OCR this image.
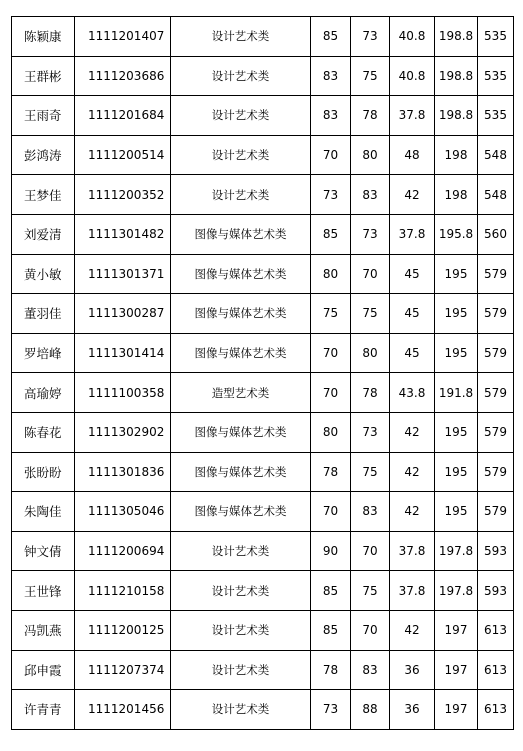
陈颖康	1111201407	设计艺术类	85	73	40.8	198.8	535
王群彬	1111203686	设计艺术类	83	75	40.8	198.8	535
王雨奇	1111201684	设计艺术类	83	78	37.8	198.8	535
彭鸿涛	1111200514	设计艺术类	70	80	48	198	548
王梦佳	1111200352	设计艺术类	73	83	42	198	548
刘爱清	1111301482	图像与媒体艺术类	85	73	37.8	195.8	560
黄小敏	1111301371	图像与媒体艺术类	80	70	45	195	579
董羽佳	1111300287	图像与媒体艺术类	75	75	45	195	579
罗培峰	1111301414	图像与媒体艺术类	70	80	45	195	579
高瑜婷	1111100358	造型艺术类	70	78	43.8	191.8	579
陈春花	1111302902	图像与媒体艺术类	80	73	42	195	579
张盼盼	1111301836	图像与媒体艺术类	78	75	42	195	579
朱陶佳	1111305046	图像与媒体艺术类	70	83	42	195	579
钟文倩	1111200694	设计艺术类	90	70	37.8	197.8	593
王世锋	1111210158	设计艺术类	85	75	37.8	197.8	593
冯凯燕	1111200125	设计艺术类	85	70	42	197	613
邱申霞	1111207374	设计艺术类	78	83	36	197	613
许青青	1111201456	设计艺术类	73	88	36	197	613
